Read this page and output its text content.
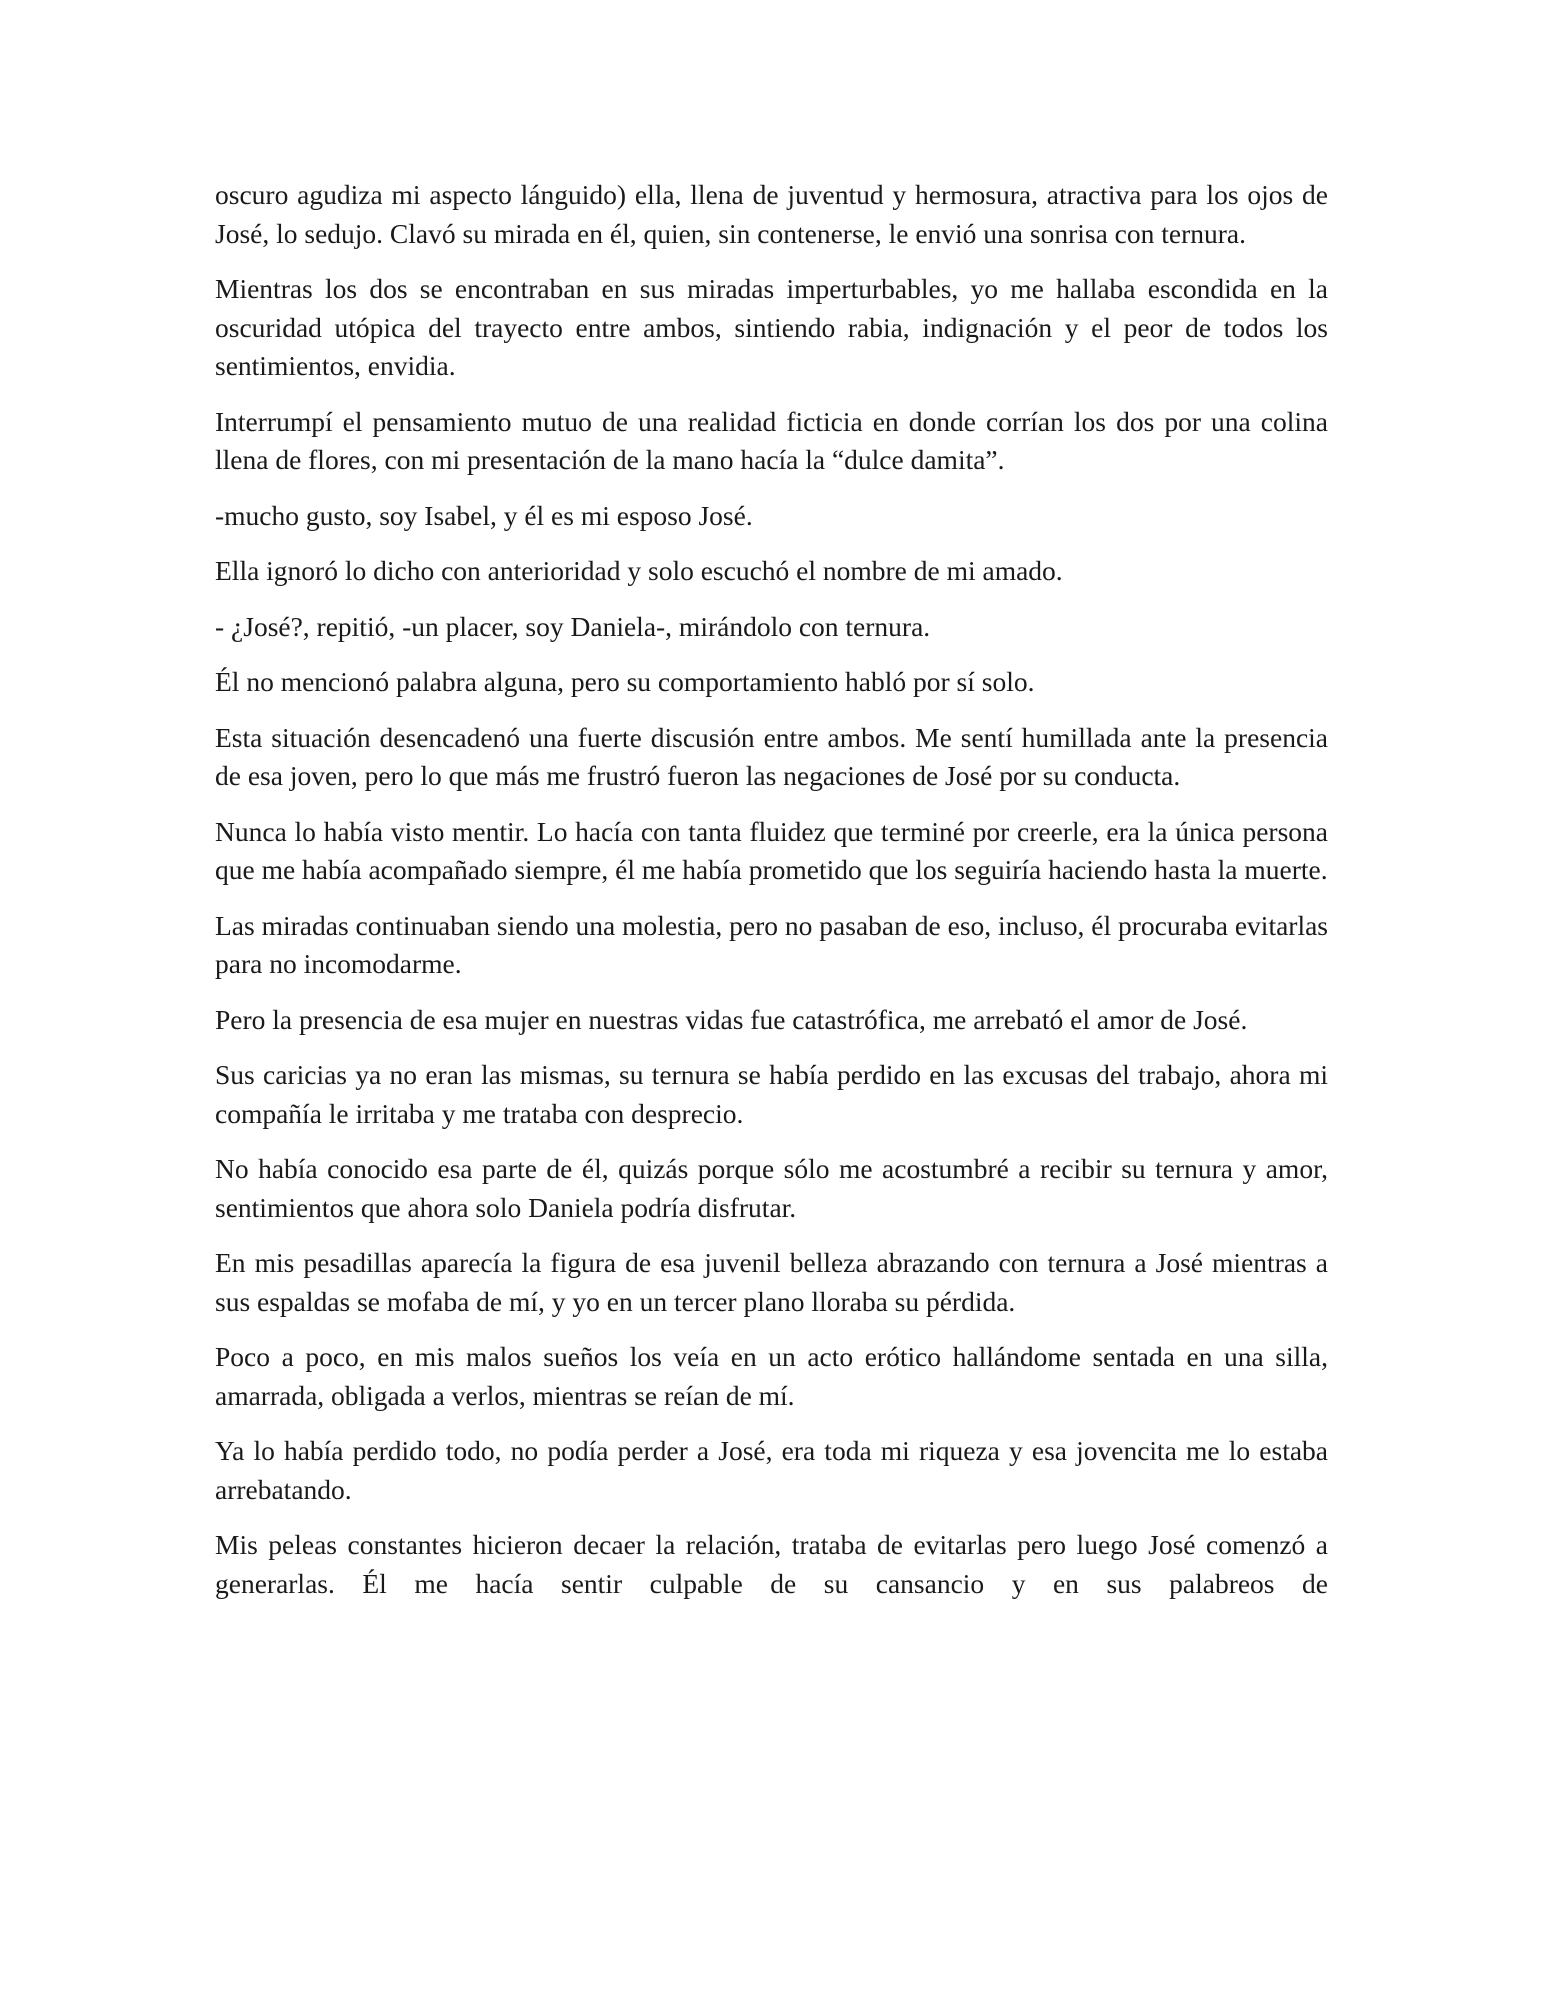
oscuro agudiza mi aspecto lánguido) ella, llena de juventud y hermosura, atractiva para los ojos de José, lo sedujo. Clavó su mirada en él, quien, sin contenerse, le envió una sonrisa con ternura.

Mientras los dos se encontraban en sus miradas imperturbables, yo me hallaba escondida en la oscuridad utópica del trayecto entre ambos, sintiendo rabia, indignación y el peor de todos los sentimientos, envidia.

Interrumpí el pensamiento mutuo de una realidad ficticia en donde corrían los dos por una colina llena de flores, con mi presentación de la mano hacía la “dulce damita”.

-mucho gusto, soy Isabel, y él es mi esposo José.

Ella ignoró lo dicho con anterioridad y solo escuchó el nombre de mi amado.

- ¿José?, repitió, -un placer, soy Daniela-, mirándolo con ternura.

Él no mencionó palabra alguna, pero su comportamiento habló por sí solo.

Esta situación desencadenó una fuerte discusión entre ambos. Me sentí humillada ante la presencia de esa joven, pero lo que más me frustró fueron las negaciones de José por su conducta.

Nunca lo había visto mentir. Lo hacía con tanta fluidez que terminé por creerle, era la única persona que me había acompañado siempre, él me había prometido que los seguiría haciendo hasta la muerte.

Las miradas continuaban siendo una molestia, pero no pasaban de eso, incluso, él procuraba evitarlas para no incomodarme.

Pero la presencia de esa mujer en nuestras vidas fue catastrófica, me arrebató el amor de José.

Sus caricias ya no eran las mismas, su ternura se había perdido en las excusas del trabajo, ahora mi compañía le irritaba y me trataba con desprecio.

No había conocido esa parte de él, quizás porque sólo me acostumbré a recibir su ternura y amor, sentimientos que ahora solo Daniela podría disfrutar.

En mis pesadillas aparecía la figura de esa juvenil belleza abrazando con ternura a José mientras a sus espaldas se mofaba de mí, y yo en un tercer plano lloraba su pérdida.

Poco a poco, en mis malos sueños los veía en un acto erótico hallándome sentada en una silla, amarrada, obligada a verlos, mientras se reían de mí.

Ya lo había perdido todo, no podía perder a José, era toda mi riqueza y esa jovencita me lo estaba arrebatando.

Mis peleas constantes hicieron decaer la relación, trataba de evitarlas pero luego José comenzó a generarlas. Él me hacía sentir culpable de su cansancio y en sus palabreos de
